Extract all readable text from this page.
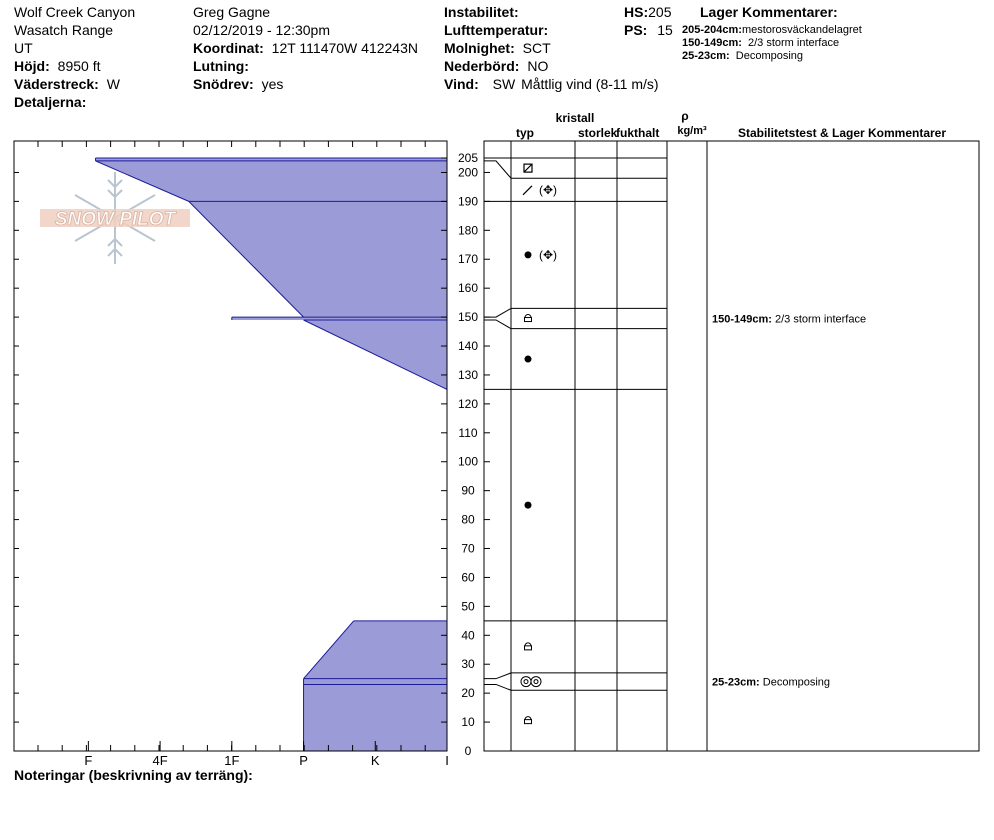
Wolf Creek Canyon
Wasatch Range
UT
Höjd: 8950 ft
Väderstreck: W
Detaljerna:
Greg Gagne
02/12/2019 - 12:30pm
Koordinat: 12T 111470W 412243N
Lutning:
Snödrev: yes
Instabilitet:
Lufttemperatur:
Molnighet: SCT
Nederbörd: NO
Vind: SW Måttlig vind (8-11 m/s)
HS:205
PS: 15
Lager Kommentarer:
205-204cm:mestorosväckandelagret
150-149cm: 2/3 storm interface
25-23cm: Decomposing
Noteringar (beskrivning av terräng):
kristall
typ	storlek
fukthalt
ρ
kg/m³	Stabilitetstest & Lager Kommentarer
SNOW PILOT
I
K
P
1F
4F
F
0
10
20
30
40
50
60
70
80
90
100
110
120
130
140
150
160
170
180
190
200
205
(✥)
(✥)
150-149cm: 2/3 storm interface
25-23cm: Decomposing
